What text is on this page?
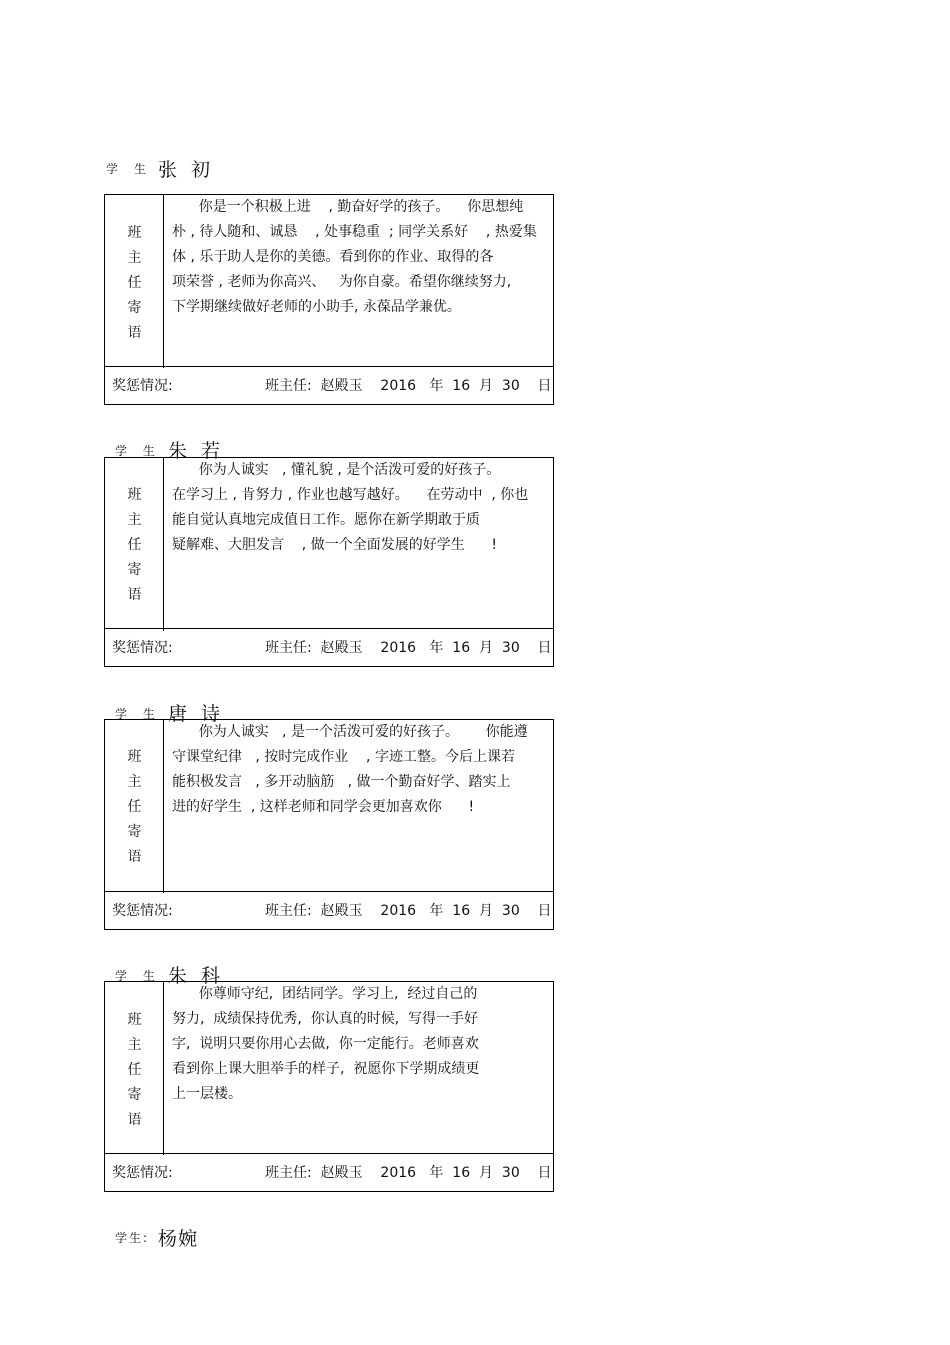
学 生 :
张 初
班
主
任
寄
语

你是一个积极上进    , 勤奋好学的孩子。    你思想纯

朴 , 待人随和、诚恳    , 处事稳重  ; 同学关系好    , 热爱集

体 , 乐于助人是你的美德。看到你的作业、取得的各

项荣誉 , 老师为你高兴、   为你自豪。希望你继续努力,

下学期继续做好老师的小助手, 永葆品学兼优。

奖惩情况:	班主任:  赵殿玉    2016   年  16  月  30    日
学 生 :
朱 若
班
主
任
寄
语

你为人诚实   , 懂礼貌 , 是个活泼可爱的好孩子。

在学习上 , 肯努力 , 作业也越写越好。    在劳动中  , 你也

能自觉认真地完成值日工作。愿你在新学期敢于质

疑解难、大胆发言    , 做一个全面发展的好学生      !

奖惩情况:	班主任:  赵殿玉    2016   年  16  月  30    日
学 生 :
唐 诗
班
主
任
寄
语

你为人诚实   , 是一个活泼可爱的好孩子。      你能遵

守课堂纪律   , 按时完成作业    , 字迹工整。今后上课若

能积极发言   , 多开动脑筋   , 做一个勤奋好学、踏实上

进的好学生  , 这样老师和同学会更加喜欢你      !

奖惩情况:	班主任:  赵殿玉    2016   年  16  月  30    日
学 生 :
朱 科
班
主
任
寄
语

你尊师守纪,  团结同学。学习上,  经过自己的

努力,  成绩保持优秀,  你认真的时候,  写得一手好

字,  说明只要你用心去做,  你一定能行。老师喜欢

看到你上课大胆举手的样子,  祝愿你下学期成绩更

上一层楼。

奖惩情况:	班主任:  赵殿玉    2016   年  16  月  30    日
学生: 杨婉
